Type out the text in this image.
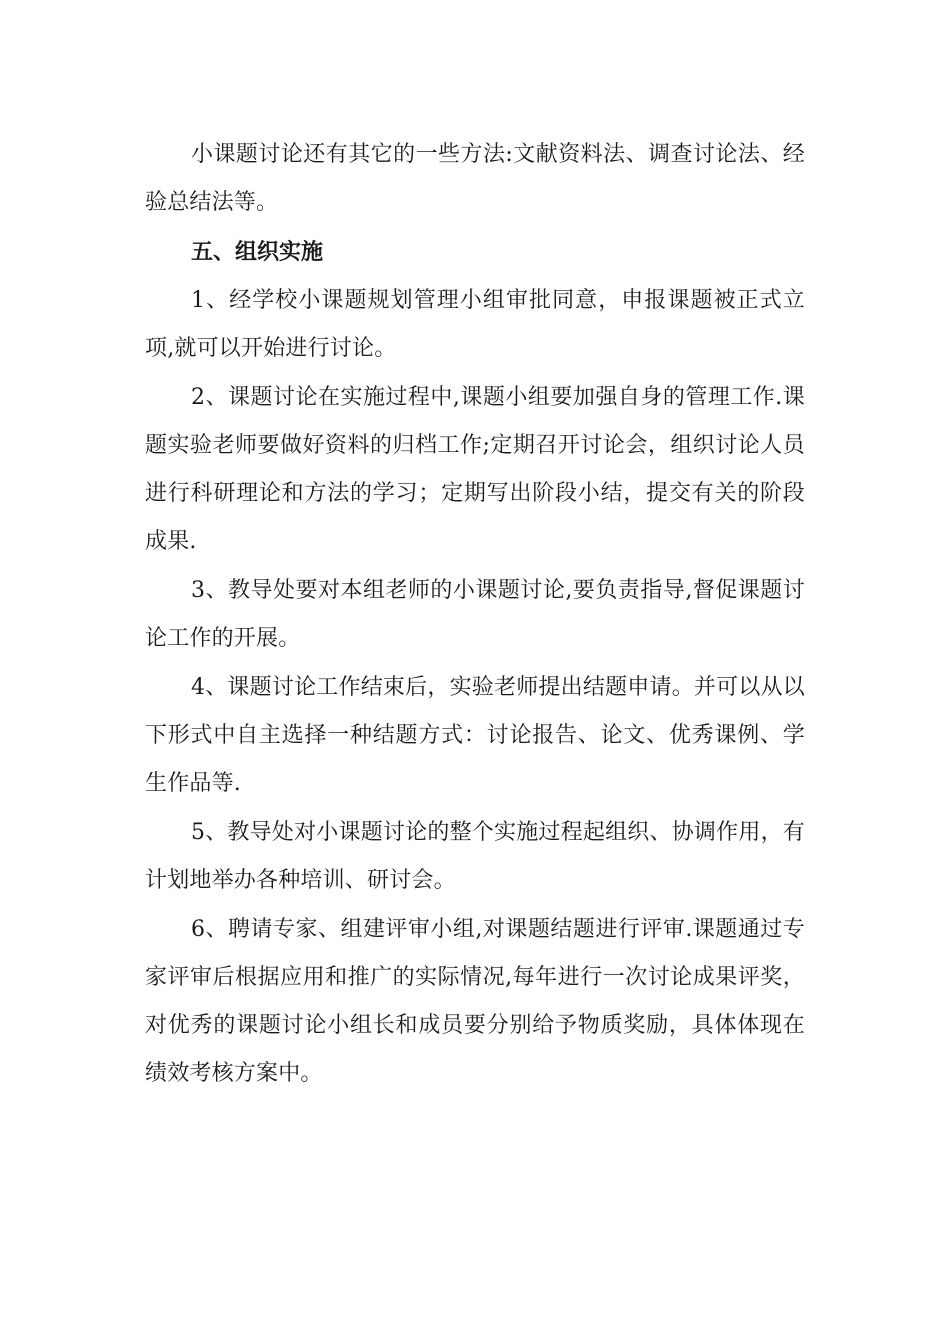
小课题讨论还有其它的一些方法:文献资料法、调查讨论法、经验总结法等。

五、组织实施

1、经学校小课题规划管理小组审批同意，申报课题被正式立项,就可以开始进行讨论。

2、课题讨论在实施过程中,课题小组要加强自身的管理工作.课题实验老师要做好资料的归档工作;定期召开讨论会，组织讨论人员进行科研理论和方法的学习；定期写出阶段小结，提交有关的阶段成果.

3、教导处要对本组老师的小课题讨论,要负责指导,督促课题讨论工作的开展。

4、课题讨论工作结束后，实验老师提出结题申请。并可以从以下形式中自主选择一种结题方式：讨论报告、论文、优秀课例、学生作品等.

5、教导处对小课题讨论的整个实施过程起组织、协调作用，有计划地举办各种培训、研讨会。

6、聘请专家、组建评审小组,对课题结题进行评审.课题通过专家评审后根据应用和推广的实际情况,每年进行一次讨论成果评奖，对优秀的课题讨论小组长和成员要分别给予物质奖励，具体体现在绩效考核方案中。
